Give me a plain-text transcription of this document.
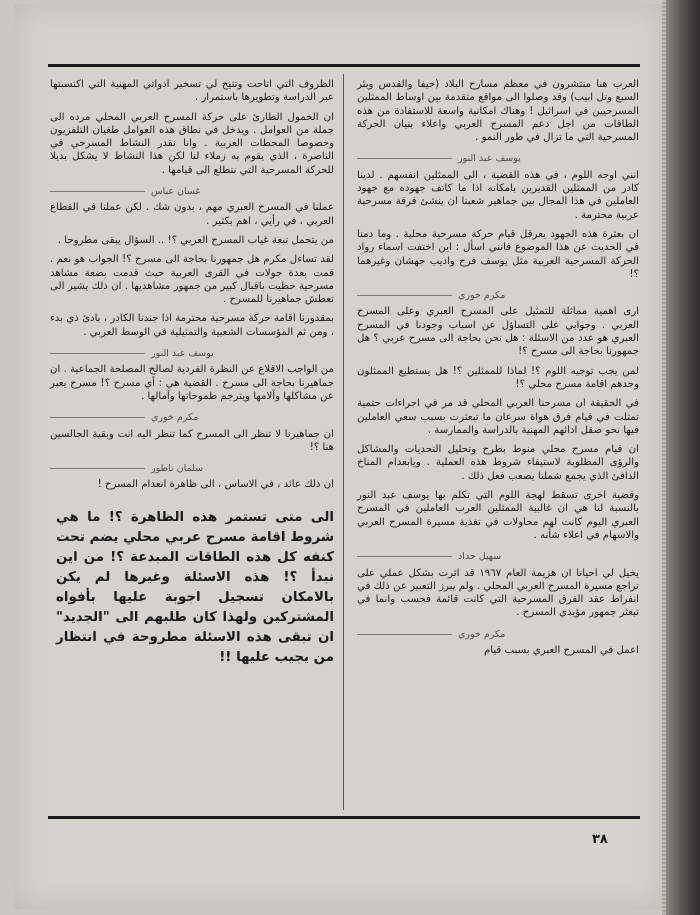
العرب هنا منتشرون في معظم مسارح البلاد (حيفا والقدس وبئر السبع وتل ابيب) وقد وصلوا الى مواقع متقدمة بين اوساط الممثلين المسرحيين في اسرائيل ! وهناك امكانية واسعة للاستفادة من هذه الطاقات من اجل دعم المسرح العربي واعلاء بنيان الحركة المسرحية التي ما تزال في طور النمو .

يوسف عبد النور

انني اوجه اللوم ، في هذه القضية ، الى الممثلين انفسهم . لدينا كادر من الممثلين القديرين بامكانه اذا ما كاتف جهوده مع جهود العاملين في هذا المجال بين جماهير شعبنا ان ينشئ فرقة مسرحية عربية محترمة .

ان بعثرة هذه الجهود يعرقل قيام حركة مسرحية محلية . وما دمنا في الحديث عن هذا الموضوع فانني اسأل : اين اختفت اسماء رواد الحركة المسرحية العربية مثل يوسف فرح واديب جهشان وغيرهما ؟!

مكرم خوري

ارى اهمية مماثلة للتمثيل على المسرح العبري وعلى المسرح العربي . وجوابي على التساؤل عن اسباب وجودنا في المسرح العبري هو عدد من الاسئلة : هل نحن بحاجة الى مسرح عربي ؟ هل جمهورنا بحاجة الى مسرح ؟!

لمن يجب توجيه اللوم ؟! لماذا للممثلين ؟! هل يستطيع الممثلون وحدهم اقامة مسرح محلي ؟!

في الحقيقة ان مسرحنا العربي المحلي قد مر في اجراءات حتمية تمثلت في قيام فرق هواة سرعان ما تبعثرت بسبب سعي العاملين فيها نحو صقل ادائهم المهنية بالدراسة والممارسة .

ان قيام مسرح محلي منوط بطرح وتحليل التحديات والمشاكل والرؤى المطلوبة لاستيفاء شروط هذه العملية . ويابعدام المناخ الدافئ الذي يجمع شملنا يصعب فعل ذلك .

وقضية اخرى تسقط لهجة اللوم التي تكلم بها يوسف عبد النور بالنسبة لنا هي ان غالبية الممثلين العرب العاملين في المسرح العبري اليوم كانت لهم محاولات في تغذية مسيرة المسرح العربي والاسهام في اعلاء شأنه .

سهيل حداد

يخيل لي احيانا ان هزيمة العام ١٩٦٧ قد اثرت بشكل عملي على تراجع مسيرة المسرح العربي المحلي . ولم يبرز التعبير عن ذلك في انفراط عقد الفرق المسرحية التي كانت قائمة فحسب وانما في تبعثر جمهور مؤيدي المسرح .

مكرم خوري

اعمل في المسرح العبري بسبب قيام

الظروف التي اتاحت وتتيح لي تسخير ادواتي المهنية التي اكتسبتها عبر الدراسة وتطويرها باستمرار .

ان الخمول الطارئ على حركة المسرح العربي المحلي مرده الى جملة من العوامل . ويدخل في نطاق هذه العوامل طغيان التلفزيون وخصوصا المحطات العربية . وانا نقدر النشاط المسرحي في الناصرة ، الذي يقوم به زملاء لنا لكن هذا النشاط لا يشكل بديلا للحركة المسرحية التي نتطلع الى قيامها .

غسان عباس

عملنا في المسرح العبري مهم ، بدون شك . لكن عملنا في القطاع العربي ، في رأيي ، اهم بكثير .

من يتحمل تبعة غياب المسرح العربي ؟! .. السؤال يبقى مطروحا .

لقد تساءل مكرم هل جمهورنا بحاجة الى مسرح ؟! الجواب هو نعم . قمت بعدة جولات في القرى العربية حيث قدمت بضعة مشاهد مسرحية حظيت باقبال كبير من جمهور مشاهديها . ان ذلك يشير الى تعطش جماهيرنا للمسرح .

بمقدورنا اقامة حركة مسرحية محترمة اذا جندنا الكادر ، بادئ ذي بدء ، ومن ثم المؤسسات الشعبية والتمثيلية في الوسط العربي .

يوسف عبد النور

من الواجب الاقلاع عن النظرة الفردية لصالح المصلحة الجماعية . ان جماهيرنا بحاجة الى مسرح . القضية هي : أي مسرح ؟! مسرح يعبر عن مشاكلها وآلامها ويترجم طموحاتها وآمالها .

مكرم خوري

ان جماهيرنا لا تنظر الى المسرح كما تنظر اليه انت وبقية الجالسين هنا ؟!

سلمان ناطور

ان ذلك عائد ، في الاساس ، الى ظاهرة انعدام المسرح !

الى متى تستمر هذه الظاهرة ؟! ما هي شروط اقامة مسرح عربي محلي يضم تحت كنفه كل هذه الطاقات المبدعة ؟! من اين نبدأ ؟! هذه الاسئلة وغيرها لم يكن بالامكان تسجيل اجوبة عليها بأفواه المشتركين ولهذا كان طلبهم الى "الجديد" ان تبقى هذه الاسئلة مطروحة في انتظار من يجيب عليها !!
٣٨
